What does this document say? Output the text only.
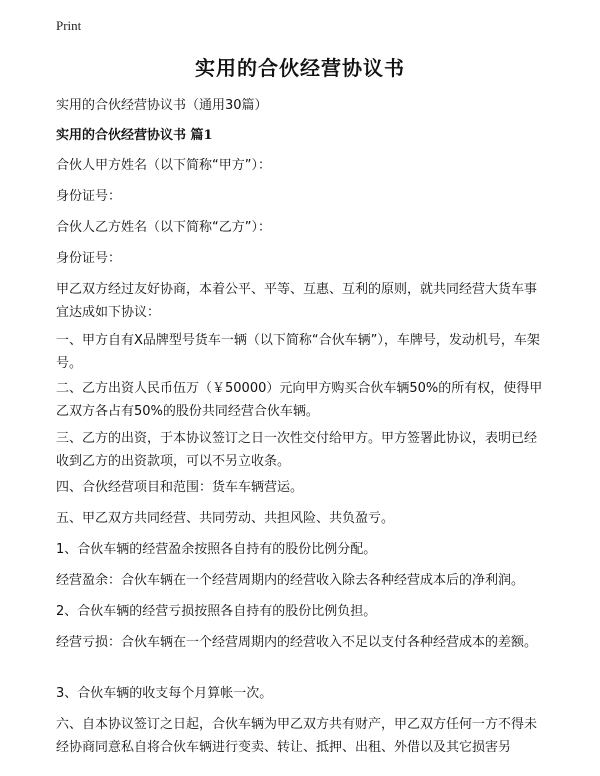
Print
实用的合伙经营协议书

实用的合伙经营协议书（通用30篇）

实用的合伙经营协议书 篇1

合伙人甲方姓名（以下简称“甲方”）：

身份证号：

合伙人乙方姓名（以下简称“乙方”）：

身份证号：

甲乙双方经过友好协商，本着公平、平等、互惠、互利的原则，就共同经营大货车事宜达成如下协议：

一、甲方自有X品牌型号货车一辆（以下简称“合伙车辆”），车牌号，发动机号，车架号。

二、乙方出资人民币伍万（￥50000）元向甲方购买合伙车辆50%的所有权，使得甲乙双方各占有50%的股份共同经营合伙车辆。

三、乙方的出资，于本协议签订之日一次性交付给甲方。甲方签署此协议，表明已经收到乙方的出资款项，可以不另立收条。

四、合伙经营项目和范围：货车车辆营运。

五、甲乙双方共同经营、共同劳动、共担风险、共负盈亏。

1、合伙车辆的经营盈余按照各自持有的股份比例分配。

经营盈余：合伙车辆在一个经营周期内的经营收入除去各种经营成本后的净利润。

2、合伙车辆的经营亏损按照各自持有的股份比例负担。

经营亏损：合伙车辆在一个经营周期内的经营收入不足以支付各种经营成本的差额。

3、合伙车辆的收支每个月算帐一次。

六、自本协议签订之日起，合伙车辆为甲乙双方共有财产，甲乙双方任何一方不得未经协商同意私自将合伙车辆进行变卖、转让、抵押、出租、外借以及其它损害另
